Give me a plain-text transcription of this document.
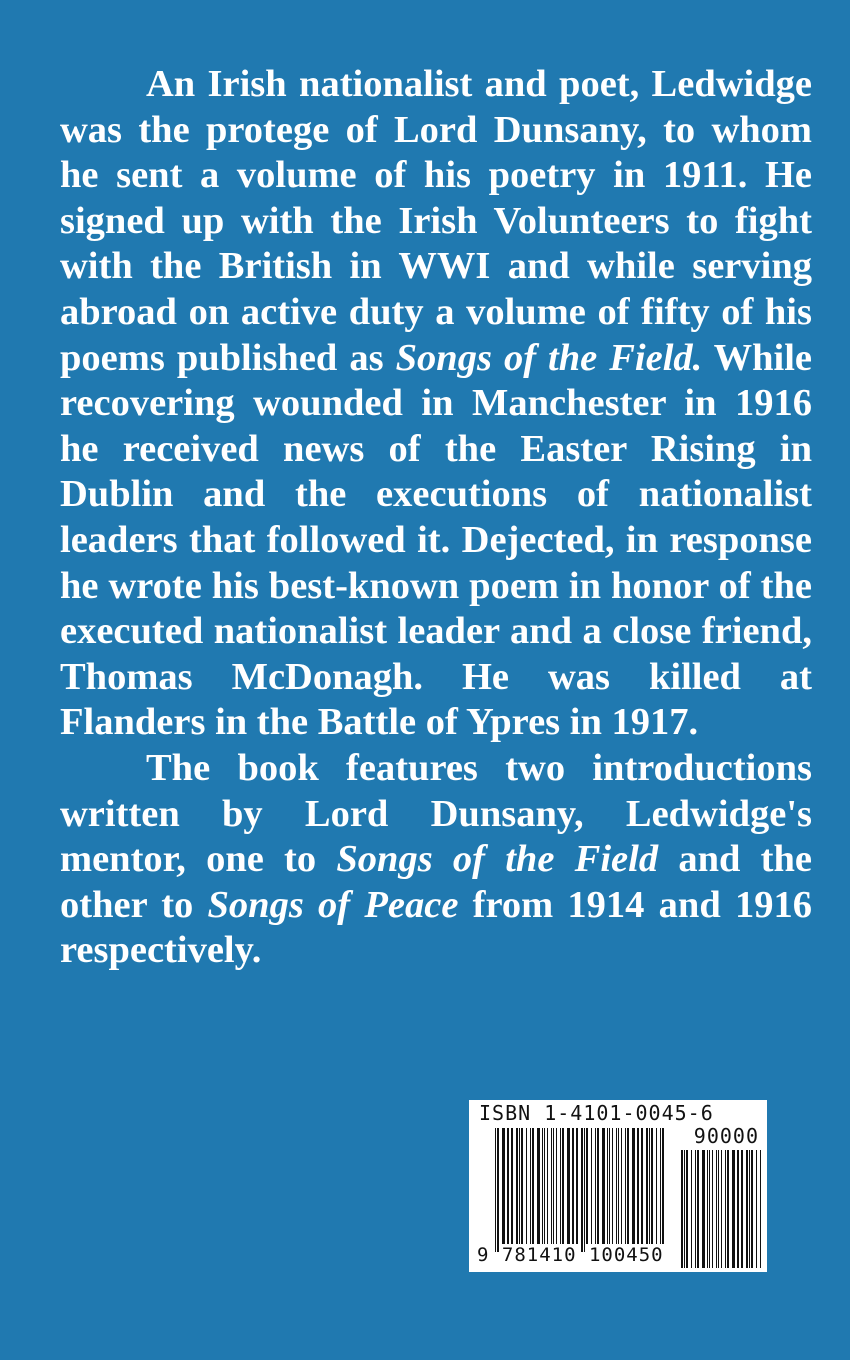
An Irish nationalist and poet, Ledwidge was the protege of Lord Dunsany, to whom he sent a volume of his poetry in 1911. He signed up with the Irish Volunteers to fight with the British in WWI and while serving abroad on active duty a volume of fifty of his poems published as Songs of the Field. While recovering wounded in Manchester in 1916 he received news of the Easter Rising in Dublin and the executions of nationalist leaders that followed it. Dejected, in response he wrote his best-known poem in honor of the executed nationalist leader and a close friend, Thomas McDonagh. He was killed at Flanders in the Battle of Ypres in 1917.

The book features two introductions written by Lord Dunsany, Ledwidge's mentor, one to Songs of the Field and the other to Songs of Peace from 1914 and 1916 respectively.

ISBN 1-4101-0045-6
90000
9 781410 100450
